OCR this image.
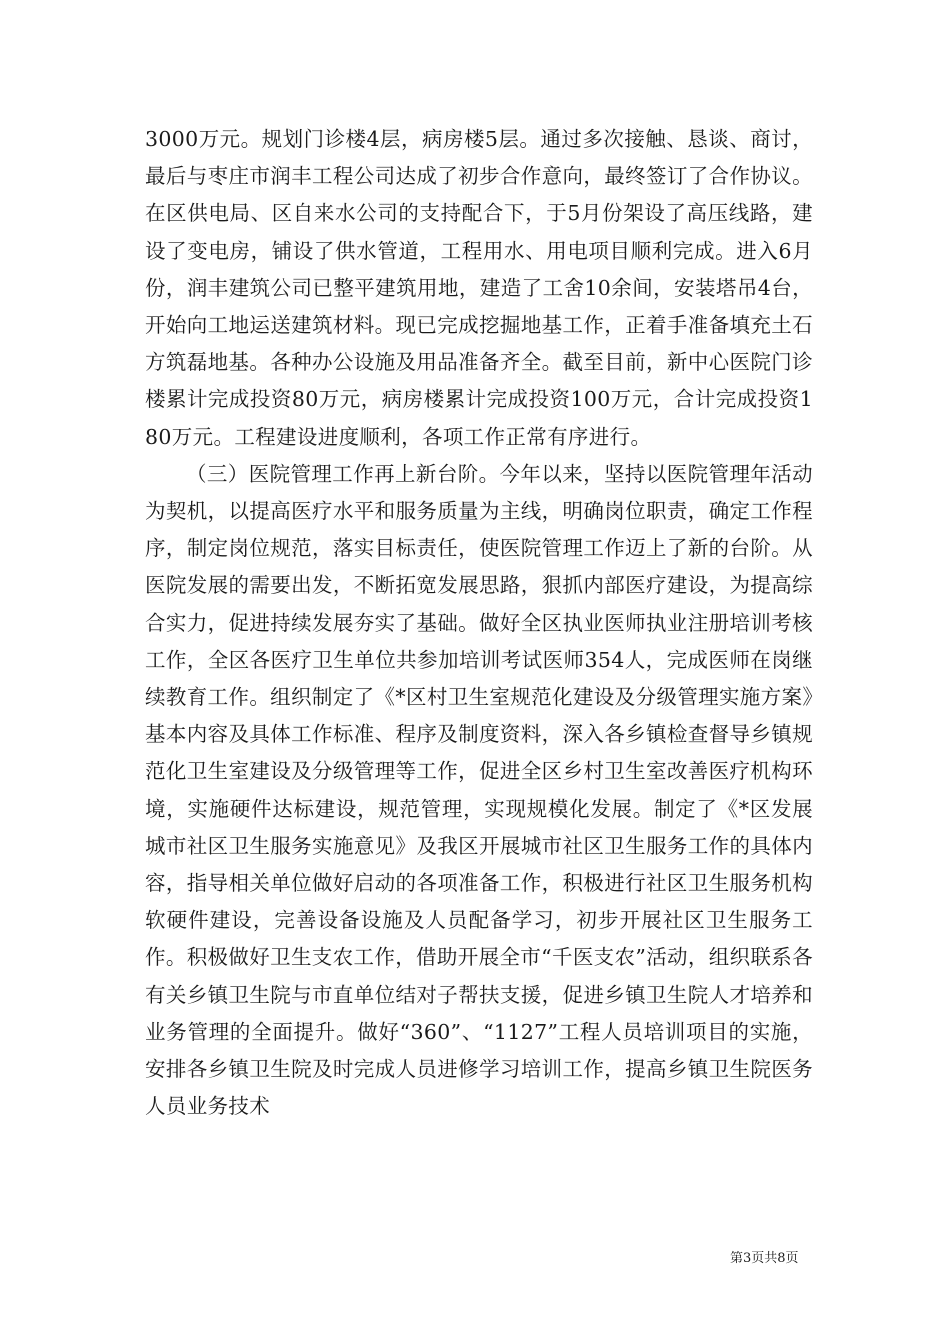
3000万元。规划门诊楼4层，病房楼5层。通过多次接触、恳谈、商讨，最后与枣庄市润丰工程公司达成了初步合作意向，最终签订了合作协议。在区供电局、区自来水公司的支持配合下，于5月份架设了高压线路，建设了变电房，铺设了供水管道，工程用水、用电项目顺利完成。进入6月份，润丰建筑公司已整平建筑用地，建造了工舍10余间，安装塔吊4台，开始向工地运送建筑材料。现已完成挖掘地基工作，正着手准备填充土石方筑磊地基。各种办公设施及用品准备齐全。截至目前，新中心医院门诊楼累计完成投资80万元，病房楼累计完成投资100万元，合计完成投资180万元。工程建设进度顺利，各项工作正常有序进行。

（三）医院管理工作再上新台阶。今年以来，坚持以医院管理年活动为契机，以提高医疗水平和服务质量为主线，明确岗位职责，确定工作程序，制定岗位规范，落实目标责任，使医院管理工作迈上了新的台阶。从医院发展的需要出发，不断拓宽发展思路，狠抓内部医疗建设，为提高综合实力，促进持续发展夯实了基础。做好全区执业医师执业注册培训考核工作，全区各医疗卫生单位共参加培训考试医师354人，完成医师在岗继续教育工作。组织制定了《*区村卫生室规范化建设及分级管理实施方案》基本内容及具体工作标准、程序及制度资料，深入各乡镇检查督导乡镇规范化卫生室建设及分级管理等工作，促进全区乡村卫生室改善医疗机构环境，实施硬件达标建设，规范管理，实现规模化发展。制定了《*区发展城市社区卫生服务实施意见》及我区开展城市社区卫生服务工作的具体内容，指导相关单位做好启动的各项准备工作，积极进行社区卫生服务机构软硬件建设，完善设备设施及人员配备学习，初步开展社区卫生服务工作。积极做好卫生支农工作，借助开展全市“千医支农”活动，组织联系各有关乡镇卫生院与市直单位结对子帮扶支援，促进乡镇卫生院人才培养和业务管理的全面提升。做好“360”、“1127”工程人员培训项目的实施，安排各乡镇卫生院及时完成人员进修学习培训工作，提高乡镇卫生院医务人员业务技术

第3页共8页
